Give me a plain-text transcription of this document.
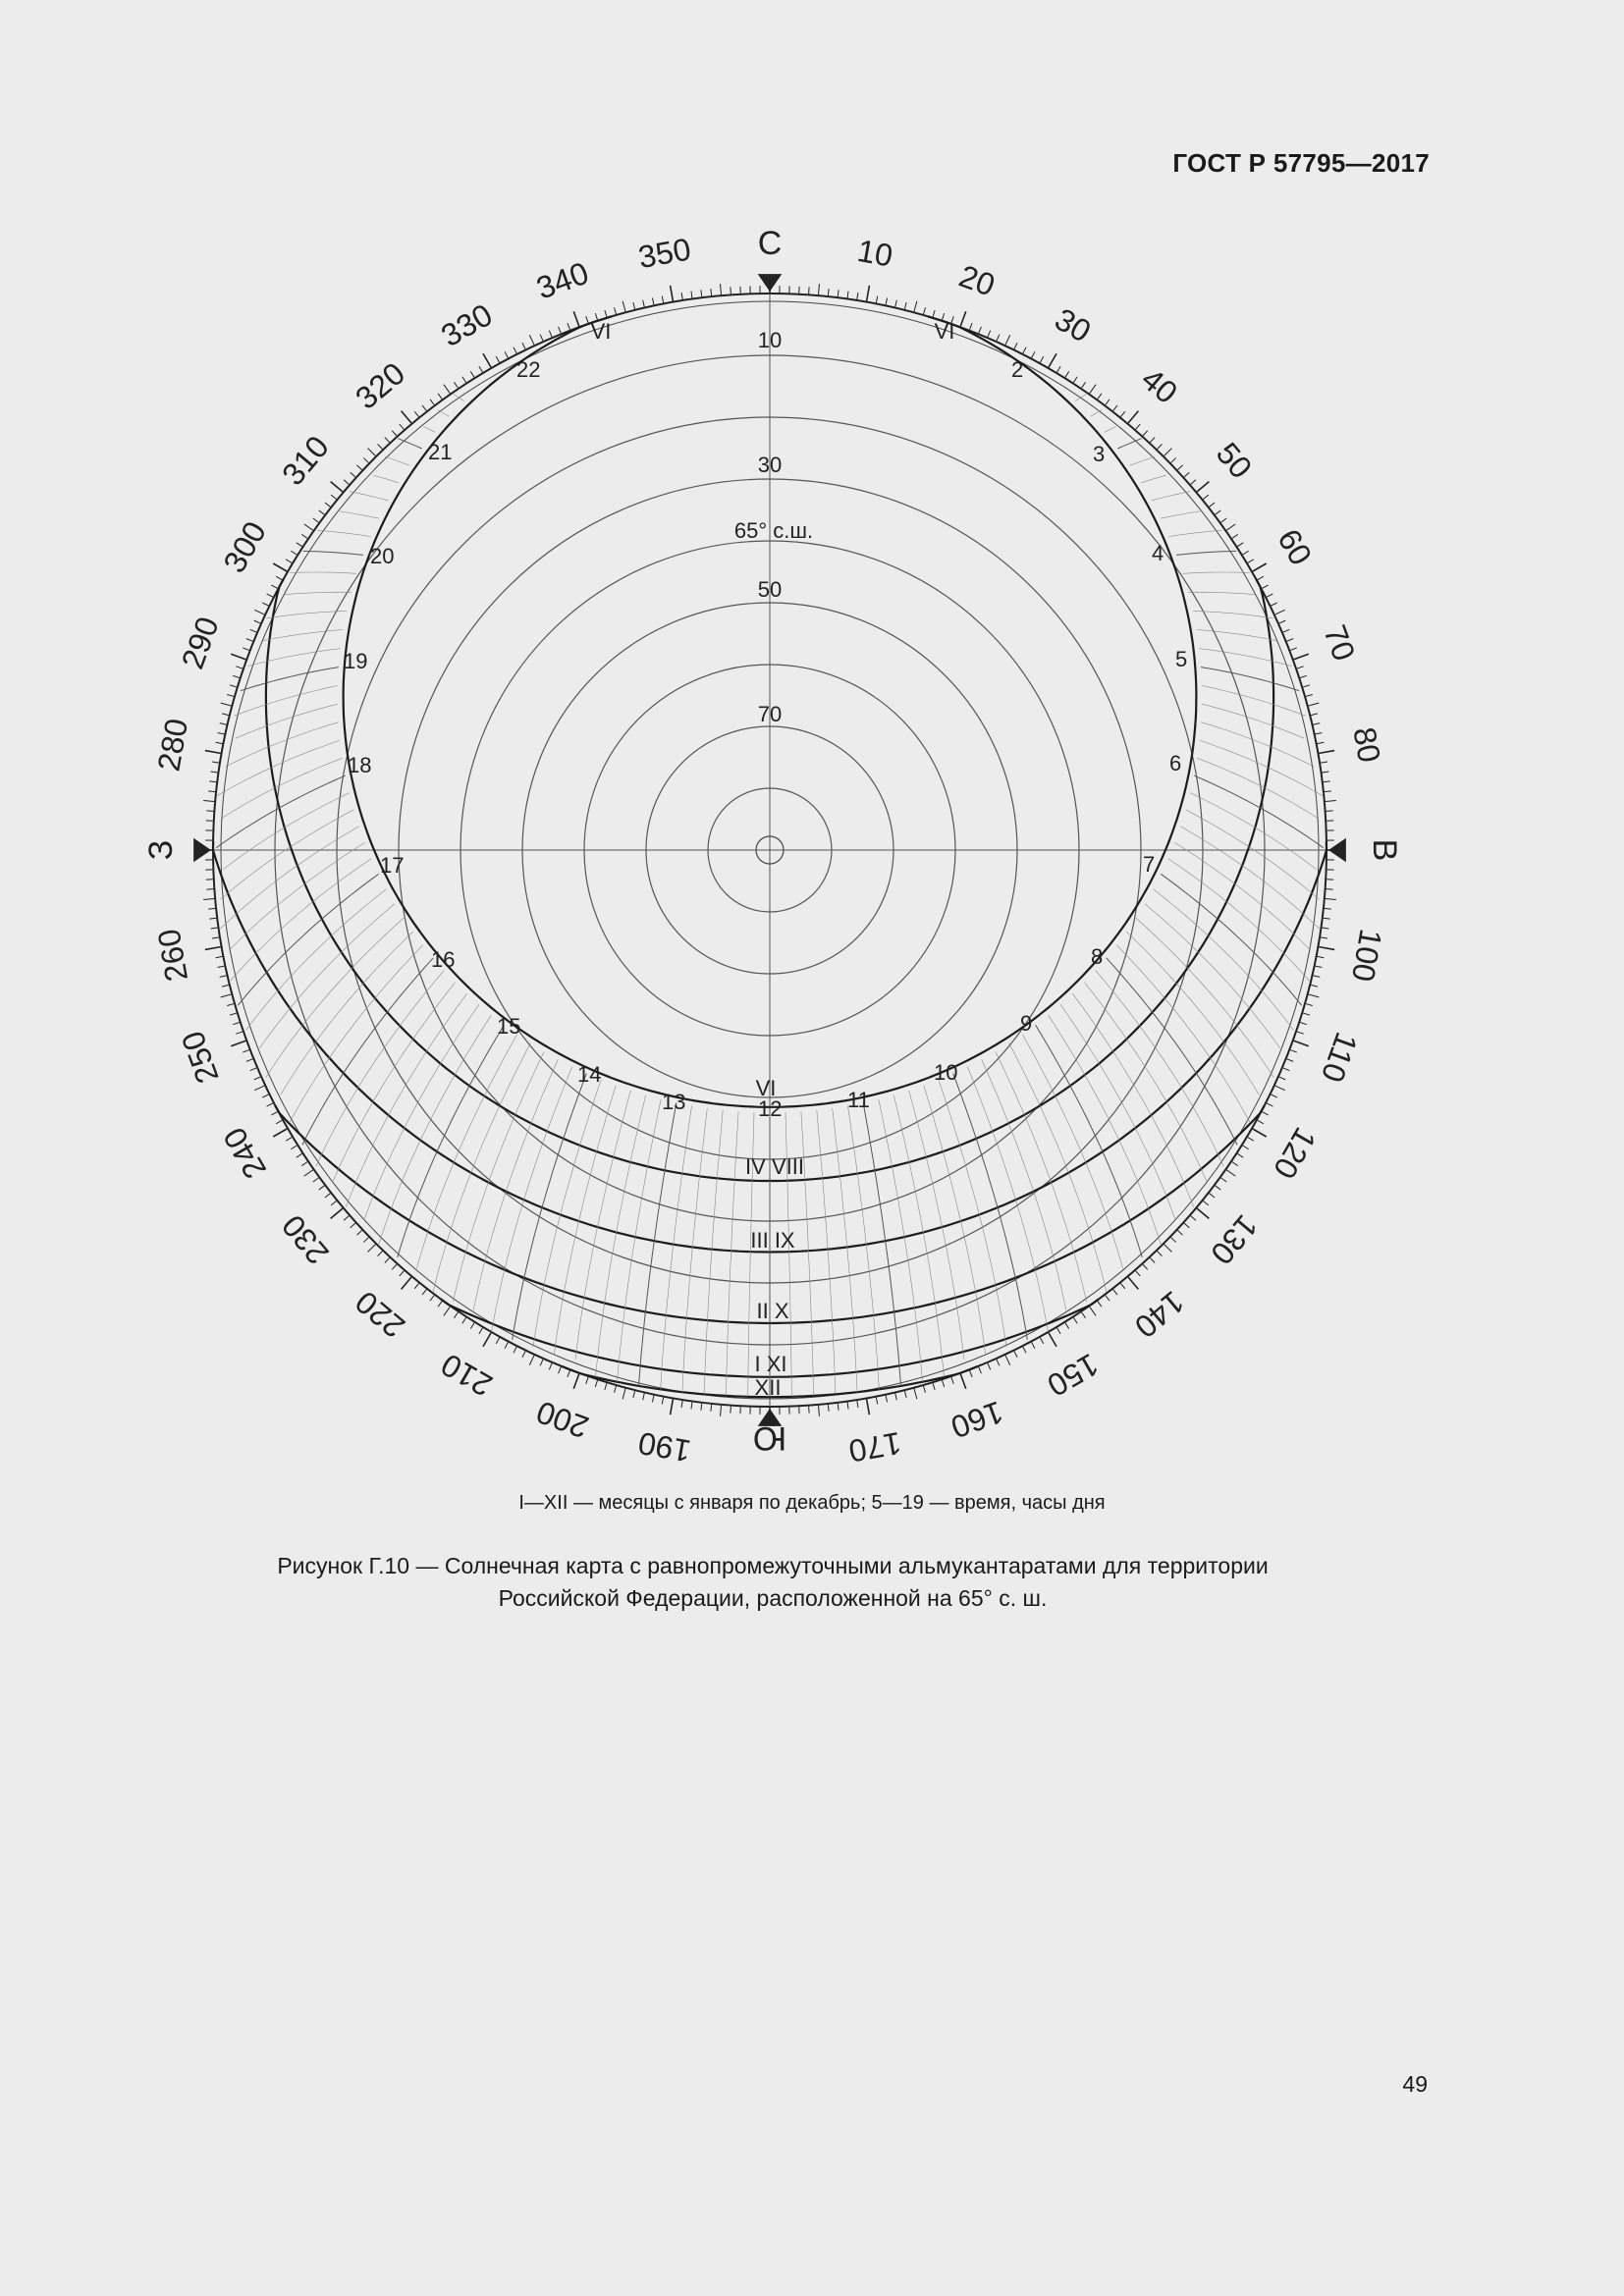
ГОСТ Р 57795—2017
С
В
Ю
З
10
20
30
40
50
60
70
80
100
110
120
130
140
150
160
170
190
200
210
220
230
240
250
260
280
290
300
310
320
330
340
350
10
30
50
70
65° с.ш.
2
3
4
5
6
7
8
9
10
11
12
13
14
15
16
17
18
19
20
21
22
VI	VI
VI
IV VIII
III IX
II X
I XI
XII
I—XII — месяцы с января по декабрь; 5—19 — время, часы дня
Рисунок Г.10 — Солнечная карта с равнопромежуточными альмукантаратами для территории
Российской Федерации, расположенной на 65° с. ш.
49
